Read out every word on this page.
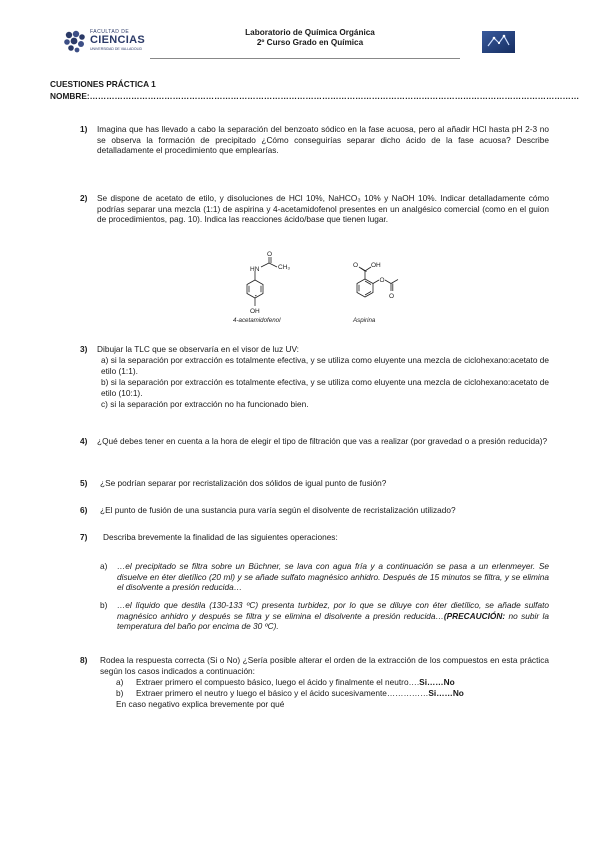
FACULTAD DE
CIENCIAS
UNIVERSIDAD DE VALLADOLID
Laboratorio de Química Orgánica
2º Curso Grado en Química
CUESTIONES PRÁCTICA 1
NOMBRE:……………………………………………………………………………………………………………………………………………………………
1) Imagina que has llevado a cabo la separación del benzoato sódico en la fase acuosa, pero al añadir HCl hasta pH 2-3 no se observa la formación de precipitado ¿Cómo conseguirías separar dicho ácido de la fase acuosa? Describe detalladamente el procedimiento que emplearías.
2) Se dispone de acetato de etilo, y disoluciones de HCl 10%, NaHCO₃ 10% y NaOH 10%. Indicar detalladamente cómo podrías separar una mezcla (1:1) de aspirina y 4-acetamidofenol presentes en un analgésico comercial (como en el guion de procedimientos, pag. 10). Indica las reacciones ácido/base que tienen lugar.
HN	CH₃
O
OH
4-acetamidofenol
O OH
O
O
Aspirina
3) Dibujar la TLC que se observaría en el visor de luz UV:
a) si la separación por extracción es totalmente efectiva, y se utiliza como eluyente una mezcla de ciclohexano:acetato de etilo (1:1).
b) si la separación por extracción es totalmente efectiva, y se utiliza como eluyente una mezcla de ciclohexano:acetato de etilo (10:1).
c) si la separación por extracción no ha funcionado bien.
4) ¿Qué debes tener en cuenta a la hora de elegir el tipo de filtración que vas a realizar (por gravedad o a presión reducida)?
5) ¿Se podrían separar por recristalización dos sólidos de igual punto de fusión?
6) ¿El punto de fusión de una sustancia pura varía según el disolvente de recristalización utilizado?
7) Describa brevemente la finalidad de las siguientes operaciones:
a) …el precipitado se filtra sobre un Büchner, se lava con agua fría y a continuación se pasa a un erlenmeyer. Se disuelve en éter dietílico (20 ml) y se añade sulfato magnésico anhidro. Después de 15 minutos se filtra, y se elimina el disolvente a presión reducida…
b) …el líquido que destila (130-133 ºC) presenta turbidez, por lo que se diluye con éter dietílico, se añade sulfato magnésico anhidro y después se filtra y se elimina el disolvente a presión reducida…(PRECAUCIÓN: no subir la temperatura del baño por encima de 30 ºC).
8) Rodea la respuesta correcta (Si o No) ¿Sería posible alterar el orden de la extracción de los compuestos en esta práctica según los casos indicados a continuación:
a) Extraer primero el compuesto básico, luego el ácido y finalmente el neutro….Si……No
b) Extraer primero el neutro y luego el básico y el ácido sucesivamente……………Si……No
En caso negativo explica brevemente por qué
